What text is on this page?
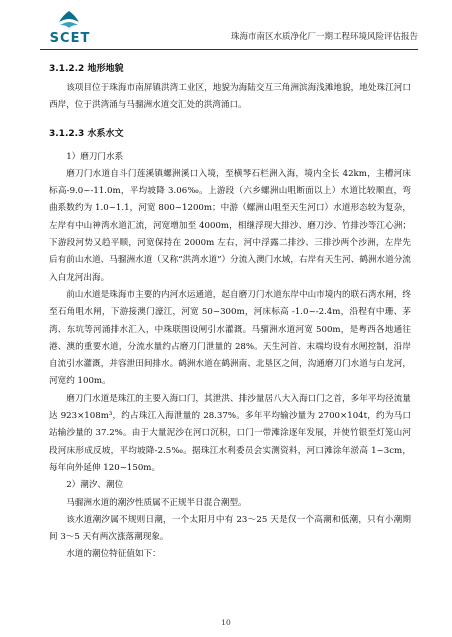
SCET	珠海市南区水质净化厂一期工程环境风险评估报告
3.1.2.2 地形地貌

该项目位于珠海市南屏镇洪湾工业区，地貌为海陆交互三角洲滨海浅滩地貌，地处珠江河口西岸，位于洪湾涌与马骝洲水道交汇处的洪湾涌口。

3.1.2.3 水系水文
1）磨刀门水系

磨刀门水道自斗门莲溪镇螺洲溪口入境，至横琴石栏洲入海，境内全长 42km，主槽河床标高-9.0~-11.0m，平均坡降 3.06‰。上游段（六乡螺洲山咀断面以上）水道比较顺直，弯曲系数约为 1.0~1.1，河宽 800~1200m；中游（螺洲山咀至天生河口）水道形态较为复杂，左岸有中山神湾水道汇流，河宽增加至 4000m，相继浮现大排沙、磨刀沙、竹排沙等江心洲；下游段河势又趋平顺，河宽保持在 2000m 左右，河中浮露二排沙、三排沙两个沙洲，左岸先后有前山水道、马骝洲水道（又称“洪湾水道”）分流入澳门水域，右岸有天生河、鹤洲水道分流入白龙河出海。

前山水道是珠海市主要的内河水运通道，起自磨刀门水道东岸中山市境内的联石湾水闸，终至石角咀水闸，下游接澳门濠江，河宽 50~300m，河床标高 -1.0~-2.4m，沿程有中珊、茅湾、东坑等河涌排水汇入，中珠联围设闸引水灌溉。马骝洲水道河宽 500m，是粤西各地通往港、澳的重要水道，分流水量约占磨刀门泄量的 28%。天生河首、末端均设有水闸控制，沿岸自流引水灌溉，并容泄田间排水。鹤洲水道在鹤洲南、北垦区之间，沟通磨刀门水道与白龙河，河宽约 100m。

磨刀门水道是珠江的主要入海口门，其泄洪、排沙量居八大入海口门之首，多年平均径流量达 923×108m³，约占珠江入海泄量的 28.37%。多年平均输沙量为 2700×104t，约为马口站输沙量的 37.2%。由于大量泥沙在河口沉积，口门一带滩涂逐年发展，并使竹银至灯笼山河段河床形成反坡，平均坡降-2.5‰。据珠江水利委员会实测资料，河口滩涂年淤高 1~3cm，每年向外延伸 120~150m。

2）潮汐、潮位

马骝洲水道的潮汐性质属不正规半日混合潮型。

该水道潮汐属不规则日潮，一个太阳月中有 23～25 天是仅一个高潮和低潮，只有小潮期间 3～5 天有两次涨落潮现象。

水道的潮位特征值如下：

10
